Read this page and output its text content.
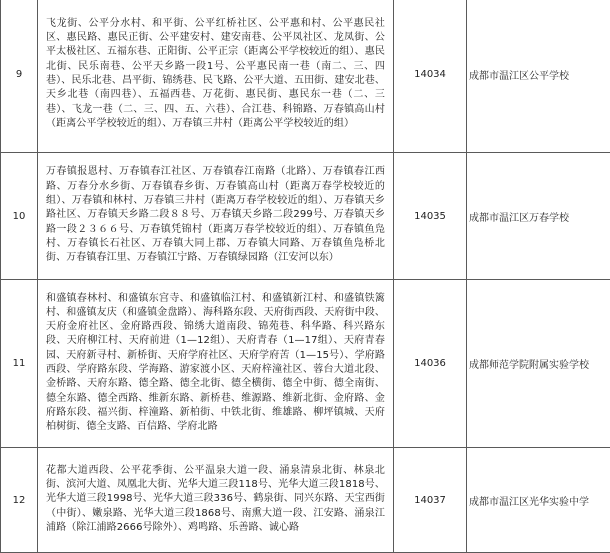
9	飞龙街、公平分水村、和平街、公平红桥社区、公平惠和村、公平惠民社区、惠民路、惠民正街、公平建安村、建安南巷、公平凤社区、龙凤街、公平太极社区、五福东巷、正阳街、公平正宗（距离公平学校较近的组）、惠民北街、民乐南巷、公平天乡路一段1号、公平惠民南一巷（南二、三、四巷）、民乐北巷、昌平街、锦绣巷、民飞路、公平大道、五田街、建安北巷、天乡北巷（南四巷）、五福西巷、万花街、惠民街、惠民东一巷（二、三巷）、飞龙一巷（二、三、四、五、六巷）、合江巷、科锦路、万春镇高山村（距离公平学校较近的组）、万春镇三井村（距离公平学校较近的组）	14034	成都市温江区公平学校
10	万春镇报恩村、万春镇春江社区、万春镇春江南路（北路）、万春镇春江西路、万春分水乡街、万春镇春乡街、万春镇高山村（距离万春学校较近的组）、万春镇和林村、万春镇三井村（距离万春学校较近的组）、万春镇天乡路社区、万春镇天乡路二段８８号、万春镇天乡路二段299号、万春镇天乡路一段２３６６号、万春镇凭锦村（距离万春学校较近的组）、万春镇鱼凫村、万春镇长石社区、万春镇大同上郡、万春镇大同路、万春镇鱼凫桥北街、万春镇春江里、万春镇江宁路、万春镇绿园路（江安河以东）	14035	成都市温江区万春学校
11	和盛镇春林村、和盛镇东宫寺、和盛镇临江村、和盛镇新江村、和盛镇铁篱村、和盛镇友庆（和盛镇金盘路）、海科路东段、天府街西段、天府街中段、天府金府社区、金府路西段、锦绣大道南段、锦苑巷、科华路、科兴路东段、天府柳江村、天府前进（1—12组）、天府青春（1—17组）、天府青春园、天府新寻村、新桥街、天府学府社区、天府学府苦（1—15号）、学府路西段、学府路东段、学海路、游家渡小区、天府梓潼社区、蓉台大道北段、金桥路、天府东路、德全路、德全北街、德全横街、德全中街、德全南街、德全东路、德全西路、维新东路、新桥巷、维源路、维新北街、金府路、金府路东段、福兴街、梓潼路、新柏街、中铁北街、维雄路、柳坪镇城、天府柏树街、德全支路、百信路、学府北路	14036	成都师范学院附属实验学校
12	花都大道西段、公平花季街、公平温泉大道一段、涌泉清泉北街、林泉北街、滨河大道、凤凰北大街、光华大道三段118号、光华大道三段1818号、光华大道三段1998号、光华大道三段336号、鹤泉街、同兴东路、天宝西街（中街）、嫩泉路、光华大道三段1868号、南熏大道一段、江安路、涌泉江浦路（除江浦路2666号除外）、鸡鸣路、乐善路、诚心路	14037	成都市温江区光华实验中学
